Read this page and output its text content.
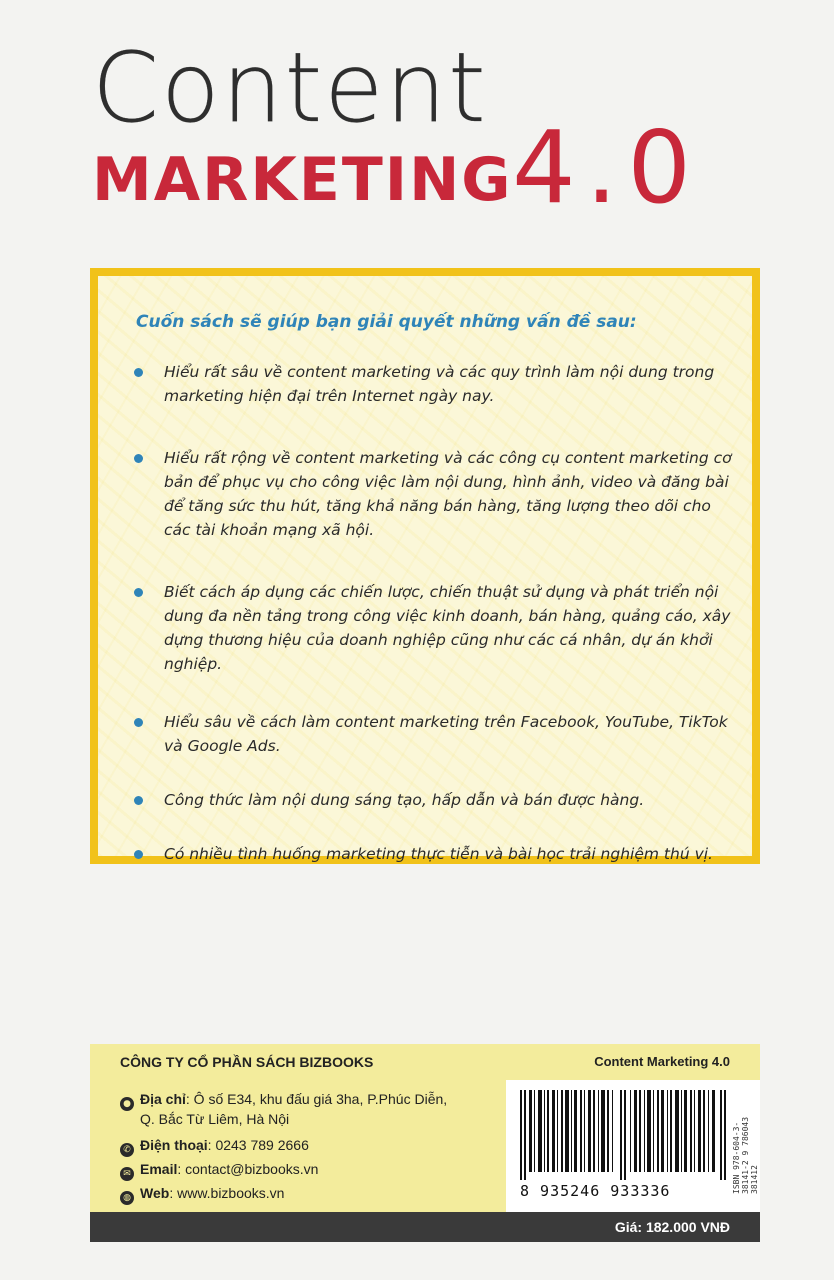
Content
MARKETING 4.0
Cuốn sách sẽ giúp bạn giải quyết những vấn đề sau:
Hiểu rất sâu về content marketing và các quy trình làm nội dung trong marketing hiện đại trên Internet ngày nay.
Hiểu rất rộng về content marketing và các công cụ content marketing cơ bản để phục vụ cho công việc làm nội dung, hình ảnh, video và đăng bài để tăng sức thu hút, tăng khả năng bán hàng, tăng lượng theo dõi cho các tài khoản mạng xã hội.
Biết cách áp dụng các chiến lược, chiến thuật sử dụng và phát triển nội dung đa nền tảng trong công việc kinh doanh, bán hàng, quảng cáo, xây dựng thương hiệu của doanh nghiệp cũng như các cá nhân, dự án khởi nghiệp.
Hiểu sâu về cách làm content marketing trên Facebook, YouTube, TikTok và Google Ads.
Công thức làm nội dung sáng tạo, hấp dẫn và bán được hàng.
Có nhiều tình huống marketing thực tiễn và bài học trải nghiệm thú vị.
CÔNG TY CỔ PHẦN SÁCH BIZBOOKS	Content Marketing 4.0
● Địa chỉ: Ô số E34, khu đấu giá 3ha, P.Phúc Diễn,
Q. Bắc Từ Liêm, Hà Nội
✆ Điện thoại: 0243 789 2666
✉ Email: contact@bizbooks.vn
◍ Web: www.bizbooks.vn	8 935246 933336	ISBN 978-604-3-38141-2 9 786043 381412
Giá: 182.000 VNĐ
